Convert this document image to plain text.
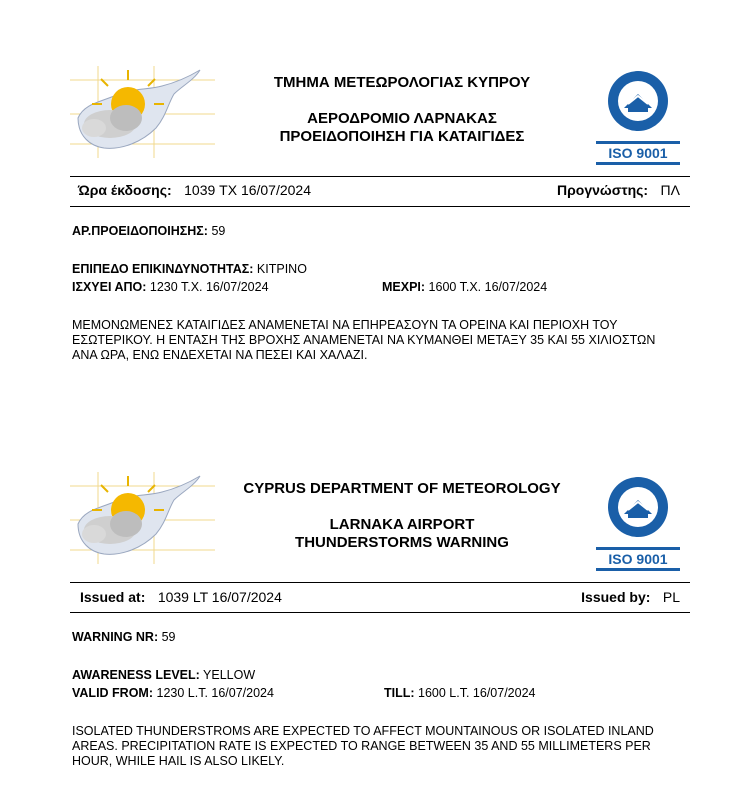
ΤΜΗΜΑ ΜΕΤΕΩΡΟΛΟΓΙΑΣ ΚΥΠΡΟΥ
ΑΕΡΟΔΡΟΜΙΟ ΛΑΡΝΑΚΑΣ
ΠΡΟΕΙΔΟΠΟΙΗΣΗ ΓΙΑ ΚΑΤΑΙΓΙΔΕΣ
ISO 9001
Ώρα έκδοσης: 1039 TX 16/07/2024	Προγνώστης: ΠΛ
ΑΡ.ΠΡΟΕΙΔΟΠΟΙΗΣΗΣ: 59
ΕΠΙΠΕΔΟ ΕΠΙΚΙΝΔΥΝΟΤΗΤΑΣ: ΚΙΤΡΙΝΟ
ΙΣΧΥΕΙ ΑΠΟ: 1230 Τ.Χ. 16/07/2024	ΜΕΧΡΙ: 1600 Τ.Χ. 16/07/2024
ΜΕΜΟΝΩΜΕΝΕΣ ΚΑΤΑΙΓΙΔΕΣ ΑΝΑΜΕΝΕΤΑΙ ΝΑ ΕΠΗΡΕΑΣΟΥΝ ΤΑ ΟΡΕΙΝΑ ΚΑΙ ΠΕΡΙΟΧΗ ΤΟΥ
ΕΣΩΤΕΡΙΚΟΥ. Η ΕΝΤΑΣΗ ΤΗΣ ΒΡΟΧΗΣ ΑΝΑΜΕΝΕΤΑΙ ΝΑ ΚΥΜΑΝΘΕΙ ΜΕΤΑΞΥ 35 ΚΑΙ 55 ΧΙΛΙΟΣΤΩΝ
ΑΝΑ ΩΡΑ, ΕΝΩ ΕΝΔΕΧΕΤΑΙ ΝΑ ΠΕΣΕΙ ΚΑΙ ΧΑΛΑΖΙ.
CYPRUS DEPARTMENT OF METEOROLOGY
LARNAKA AIRPORT
THUNDERSTORMS WARNING
ISO 9001
Issued at: 1039 LT 16/07/2024	Issued by: PL
WARNING NR: 59
AWARENESS LEVEL: YELLOW
VALID FROM: 1230 L.T. 16/07/2024	TILL: 1600 L.T. 16/07/2024
ISOLATED THUNDERSTROMS ARE EXPECTED TO AFFECT MOUNTAINOUS OR ISOLATED INLAND
AREAS. PRECIPITATION RATE IS EXPECTED TO RANGE BETWEEN 35 AND 55 MILLIMETERS PER
HOUR, WHILE HAIL IS ALSO LIKELY.
